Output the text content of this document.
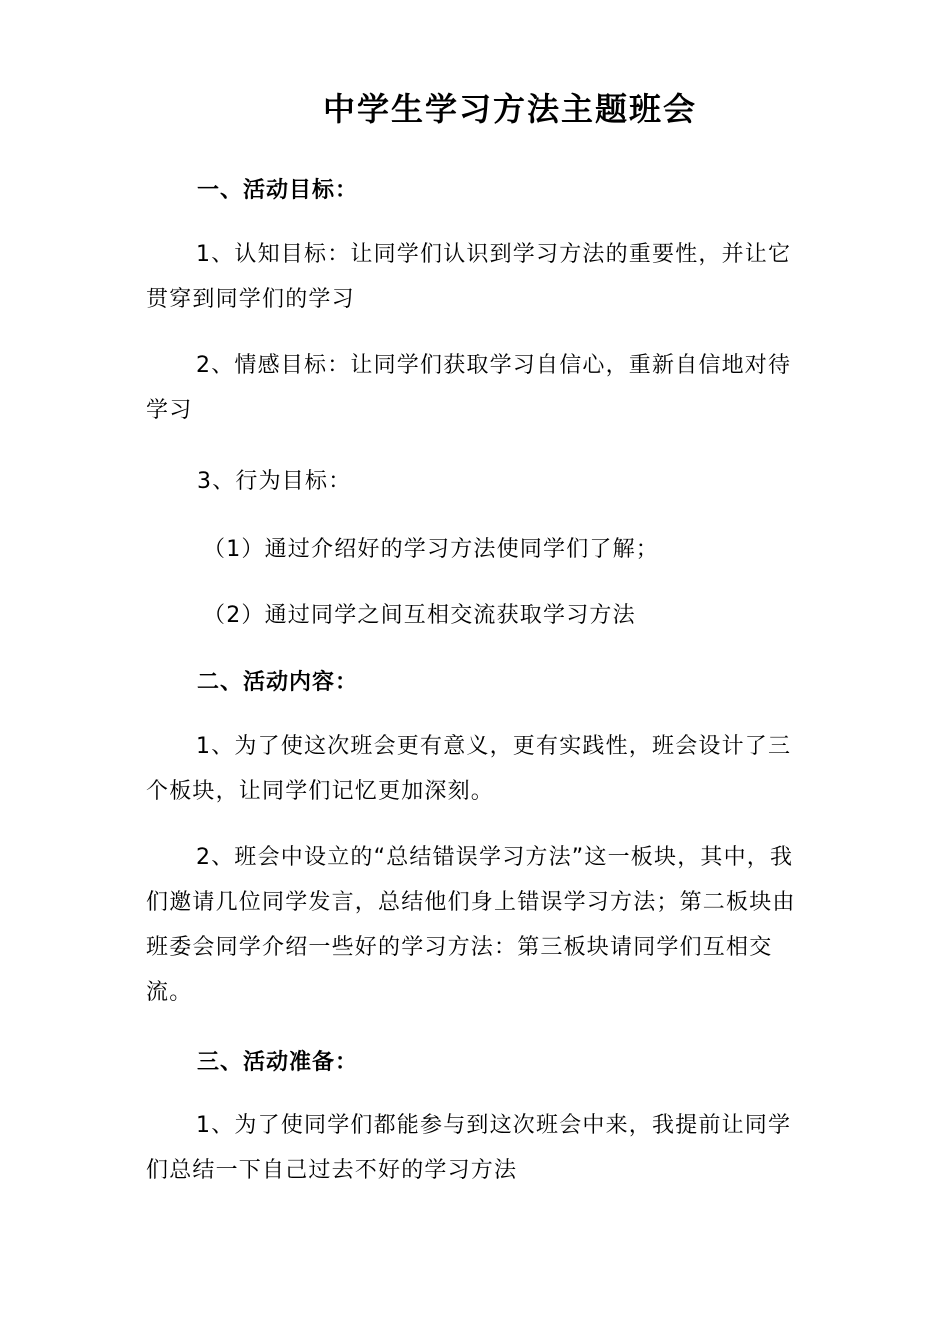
中学生学习方法主题班会
一、活动目标：
1、认知目标：让同学们认识到学习方法的重要性，并让它贯穿到同学们的学习
2、情感目标：让同学们获取学习自信心，重新自信地对待学习
3、行为目标：
（1）通过介绍好的学习方法使同学们了解；
（2）通过同学之间互相交流获取学习方法
二、活动内容：
1、为了使这次班会更有意义，更有实践性，班会设计了三个板块，让同学们记忆更加深刻。
2、班会中设立的“总结错误学习方法”这一板块，其中，我们邀请几位同学发言，总结他们身上错误学习方法；第二板块由班委会同学介绍一些好的学习方法：第三板块请同学们互相交流。
三、活动准备：
1、为了使同学们都能参与到这次班会中来，我提前让同学们总结一下自己过去不好的学习方法
